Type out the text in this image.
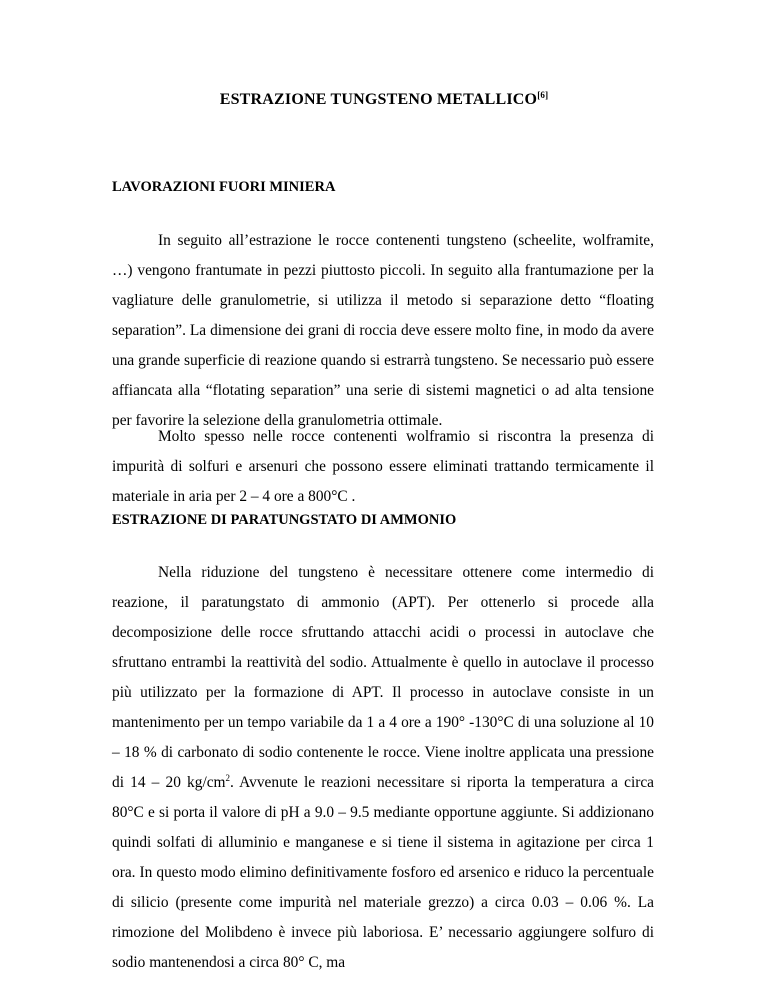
ESTRAZIONE TUNGSTENO METALLICO[6]
LAVORAZIONI FUORI MINIERA

In seguito all’estrazione le rocce contenenti tungsteno (scheelite, wolframite, …) vengono frantumate in pezzi piuttosto piccoli. In seguito alla frantumazione per la vagliature delle granulometrie, si utilizza il metodo si separazione detto “floating separation”. La dimensione dei grani di roccia deve essere molto fine, in modo da avere una grande superficie di reazione quando si estrarrà tungsteno. Se necessario può essere affiancata alla “flotating separation” una serie di sistemi magnetici o ad alta tensione per favorire la selezione della granulometria ottimale.

Molto spesso nelle rocce contenenti wolframio si riscontra la presenza di impurità di solfuri e arsenuri che possono essere eliminati trattando termicamente il materiale in aria per 2 – 4 ore a 800°C .

ESTRAZIONE DI PARATUNGSTATO DI AMMONIO

Nella riduzione del tungsteno è necessitare ottenere come intermedio di reazione, il paratungstato di ammonio (APT). Per ottenerlo si procede alla decomposizione delle rocce sfruttando attacchi acidi o processi in autoclave che sfruttano entrambi la reattività del sodio. Attualmente è quello in autoclave il processo più utilizzato per la formazione di APT. Il processo in autoclave consiste in un mantenimento per un tempo variabile da 1 a 4 ore a 190° -130°C di una soluzione al 10 – 18 % di carbonato di sodio contenente le rocce. Viene inoltre applicata una pressione di 14 – 20 $kg/cm^2$. Avvenute le reazioni necessitare si riporta la temperatura a circa 80°C e si porta il valore di pH a 9.0 – 9.5 mediante opportune aggiunte. Si addizionano quindi solfati di alluminio e manganese e si tiene il sistema in agitazione per circa 1 ora. In questo modo elimino definitivamente fosforo ed arsenico e riduco la percentuale di silicio (presente come impurità nel materiale grezzo) a circa 0.03 – 0.06 %. La rimozione del Molibdeno è invece più laboriosa. E’ necessario aggiungere solfuro di sodio mantenendosi a circa 80° C, ma
